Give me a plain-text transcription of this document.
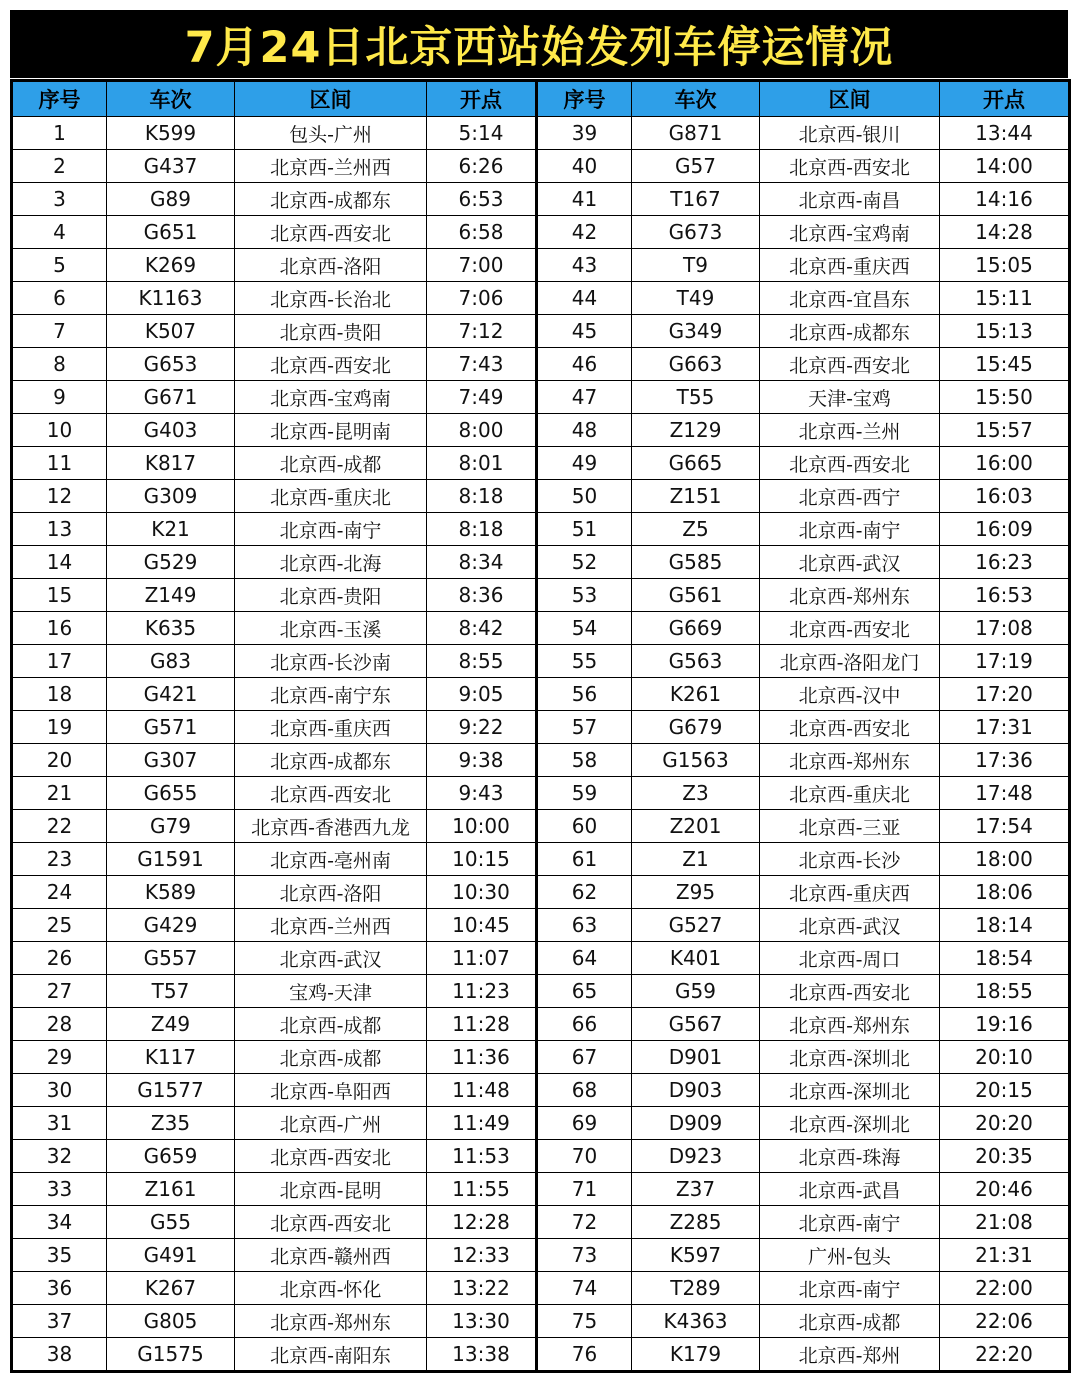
7月24日北京西站始发列车停运情况
序号	车次	区间	开点	序号	车次	区间	开点
1	K599	包头-广州	5:14	39	G871	北京西-银川	13:44
2	G437	北京西-兰州西	6:26	40	G57	北京西-西安北	14:00
3	G89	北京西-成都东	6:53	41	T167	北京西-南昌	14:16
4	G651	北京西-西安北	6:58	42	G673	北京西-宝鸡南	14:28
5	K269	北京西-洛阳	7:00	43	T9	北京西-重庆西	15:05
6	K1163	北京西-长治北	7:06	44	T49	北京西-宜昌东	15:11
7	K507	北京西-贵阳	7:12	45	G349	北京西-成都东	15:13
8	G653	北京西-西安北	7:43	46	G663	北京西-西安北	15:45
9	G671	北京西-宝鸡南	7:49	47	T55	天津-宝鸡	15:50
10	G403	北京西-昆明南	8:00	48	Z129	北京西-兰州	15:57
11	K817	北京西-成都	8:01	49	G665	北京西-西安北	16:00
12	G309	北京西-重庆北	8:18	50	Z151	北京西-西宁	16:03
13	K21	北京西-南宁	8:18	51	Z5	北京西-南宁	16:09
14	G529	北京西-北海	8:34	52	G585	北京西-武汉	16:23
15	Z149	北京西-贵阳	8:36	53	G561	北京西-郑州东	16:53
16	K635	北京西-玉溪	8:42	54	G669	北京西-西安北	17:08
17	G83	北京西-长沙南	8:55	55	G563	北京西-洛阳龙门	17:19
18	G421	北京西-南宁东	9:05	56	K261	北京西-汉中	17:20
19	G571	北京西-重庆西	9:22	57	G679	北京西-西安北	17:31
20	G307	北京西-成都东	9:38	58	G1563	北京西-郑州东	17:36
21	G655	北京西-西安北	9:43	59	Z3	北京西-重庆北	17:48
22	G79	北京西-香港西九龙	10:00	60	Z201	北京西-三亚	17:54
23	G1591	北京西-亳州南	10:15	61	Z1	北京西-长沙	18:00
24	K589	北京西-洛阳	10:30	62	Z95	北京西-重庆西	18:06
25	G429	北京西-兰州西	10:45	63	G527	北京西-武汉	18:14
26	G557	北京西-武汉	11:07	64	K401	北京西-周口	18:54
27	T57	宝鸡-天津	11:23	65	G59	北京西-西安北	18:55
28	Z49	北京西-成都	11:28	66	G567	北京西-郑州东	19:16
29	K117	北京西-成都	11:36	67	D901	北京西-深圳北	20:10
30	G1577	北京西-阜阳西	11:48	68	D903	北京西-深圳北	20:15
31	Z35	北京西-广州	11:49	69	D909	北京西-深圳北	20:20
32	G659	北京西-西安北	11:53	70	D923	北京西-珠海	20:35
33	Z161	北京西-昆明	11:55	71	Z37	北京西-武昌	20:46
34	G55	北京西-西安北	12:28	72	Z285	北京西-南宁	21:08
35	G491	北京西-赣州西	12:33	73	K597	广州-包头	21:31
36	K267	北京西-怀化	13:22	74	T289	北京西-南宁	22:00
37	G805	北京西-郑州东	13:30	75	K4363	北京西-成都	22:06
38	G1575	北京西-南阳东	13:38	76	K179	北京西-郑州	22:20
